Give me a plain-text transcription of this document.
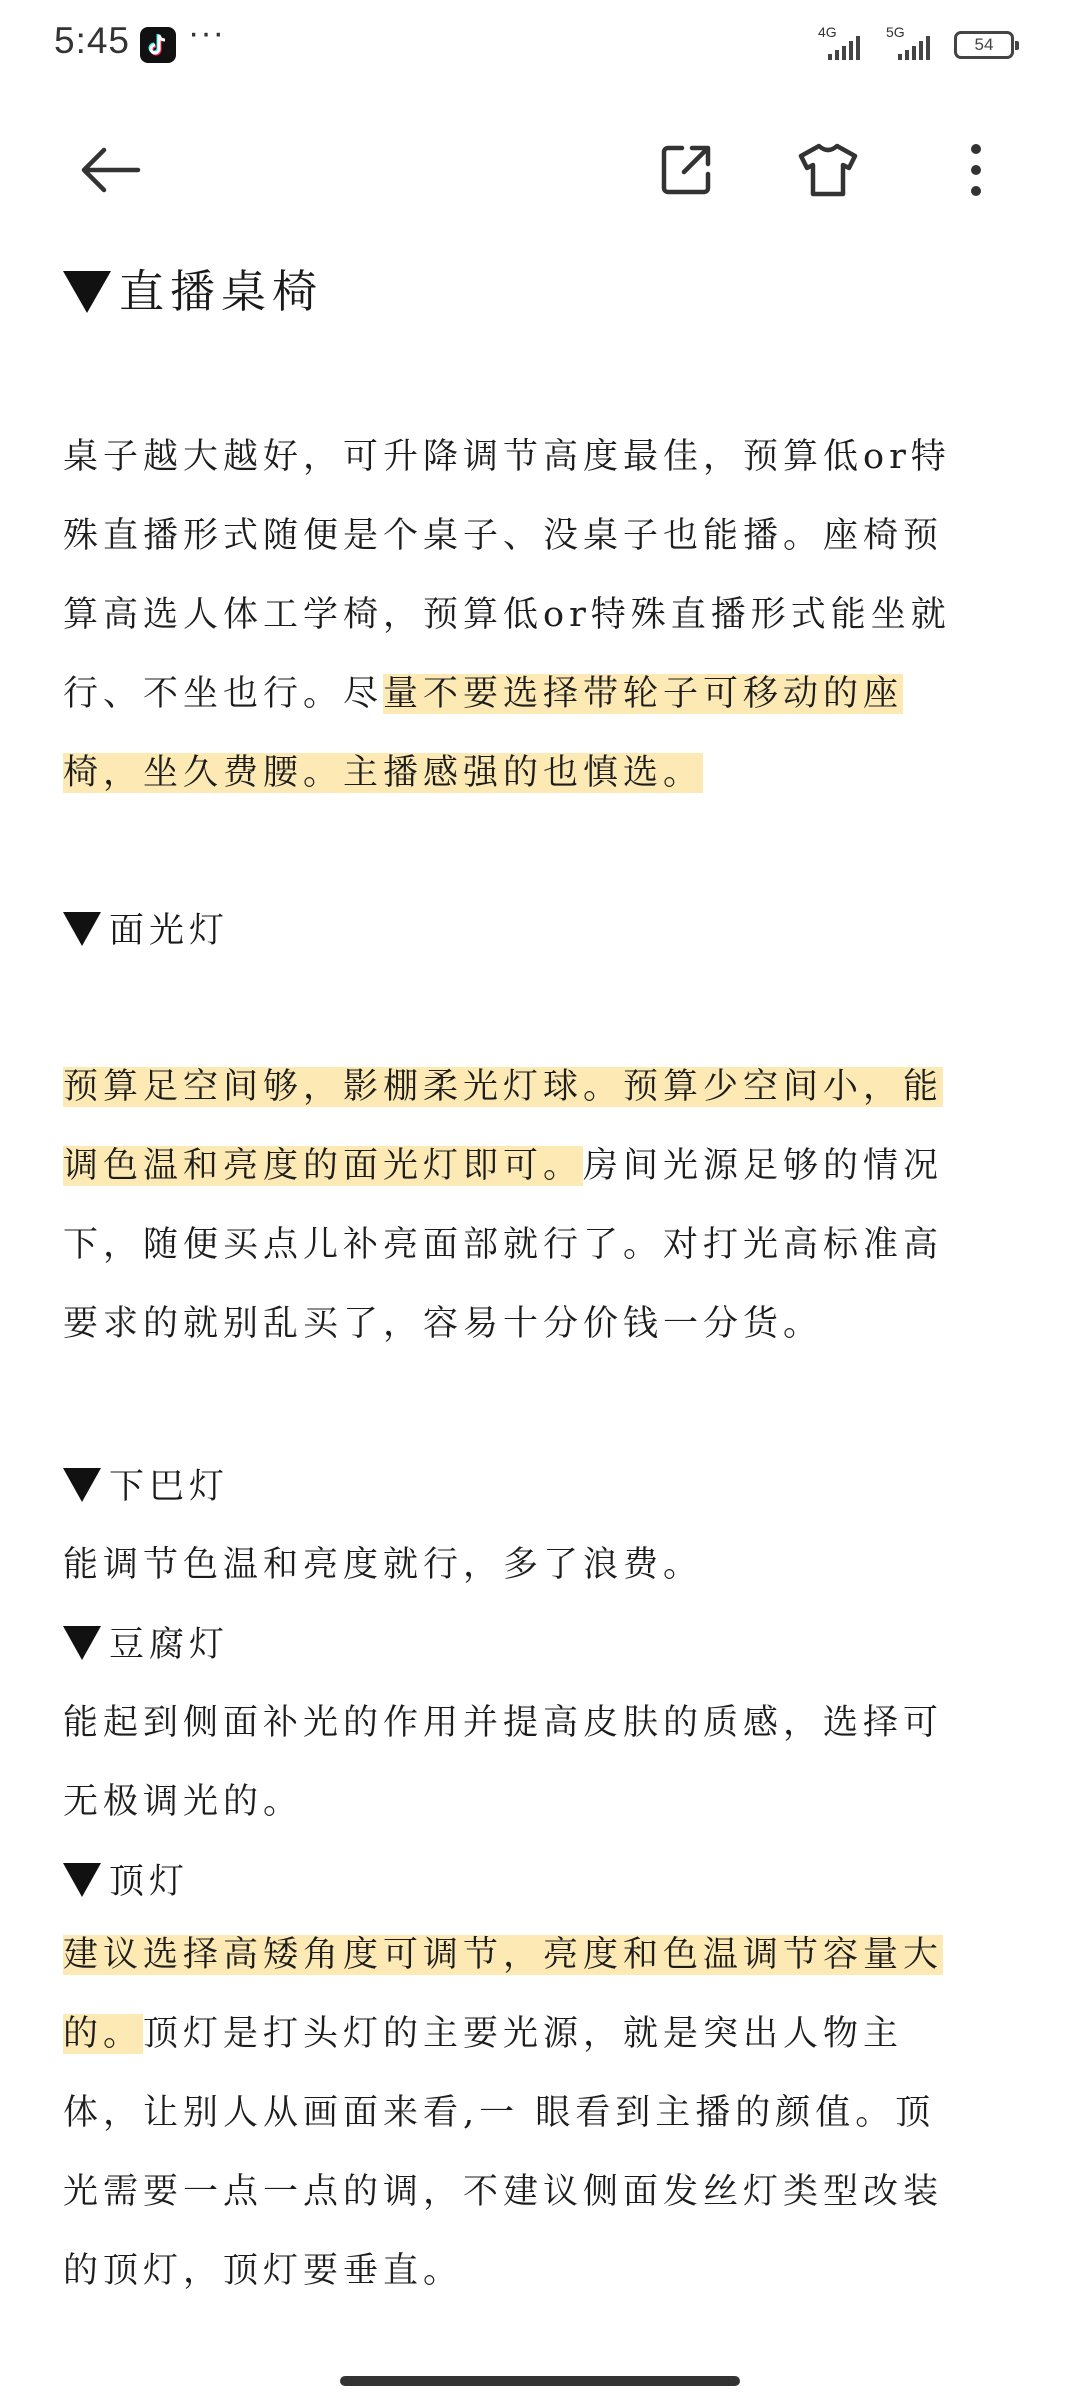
5:45 ···	4G	5G
54
直播桌椅
桌子越大越好，可升降调节高度最佳，预算低or特
殊直播形式随便是个桌子、没桌子也能播。座椅预
算高选人体工学椅，预算低or特殊直播形式能坐就
行、不坐也行。尽量不要选择带轮子可移动的座
椅，坐久费腰。主播感强的也慎选。
面光灯
预算足空间够，影棚柔光灯球。预算少空间小，能
调色温和亮度的面光灯即可。房间光源足够的情况
下，随便买点儿补亮面部就行了。对打光高标准高
要求的就别乱买了，容易十分价钱一分货。
下巴灯
能调节色温和亮度就行，多了浪费。
豆腐灯
能起到侧面补光的作用并提高皮肤的质感，选择可
无极调光的。
顶灯
建议选择高矮角度可调节，亮度和色温调节容量大
的。顶灯是打头灯的主要光源，就是突出人物主
体，让别人从画面来看,一 眼看到主播的颜值。顶
光需要一点一点的调，不建议侧面发丝灯类型改装
的顶灯，顶灯要垂直。
